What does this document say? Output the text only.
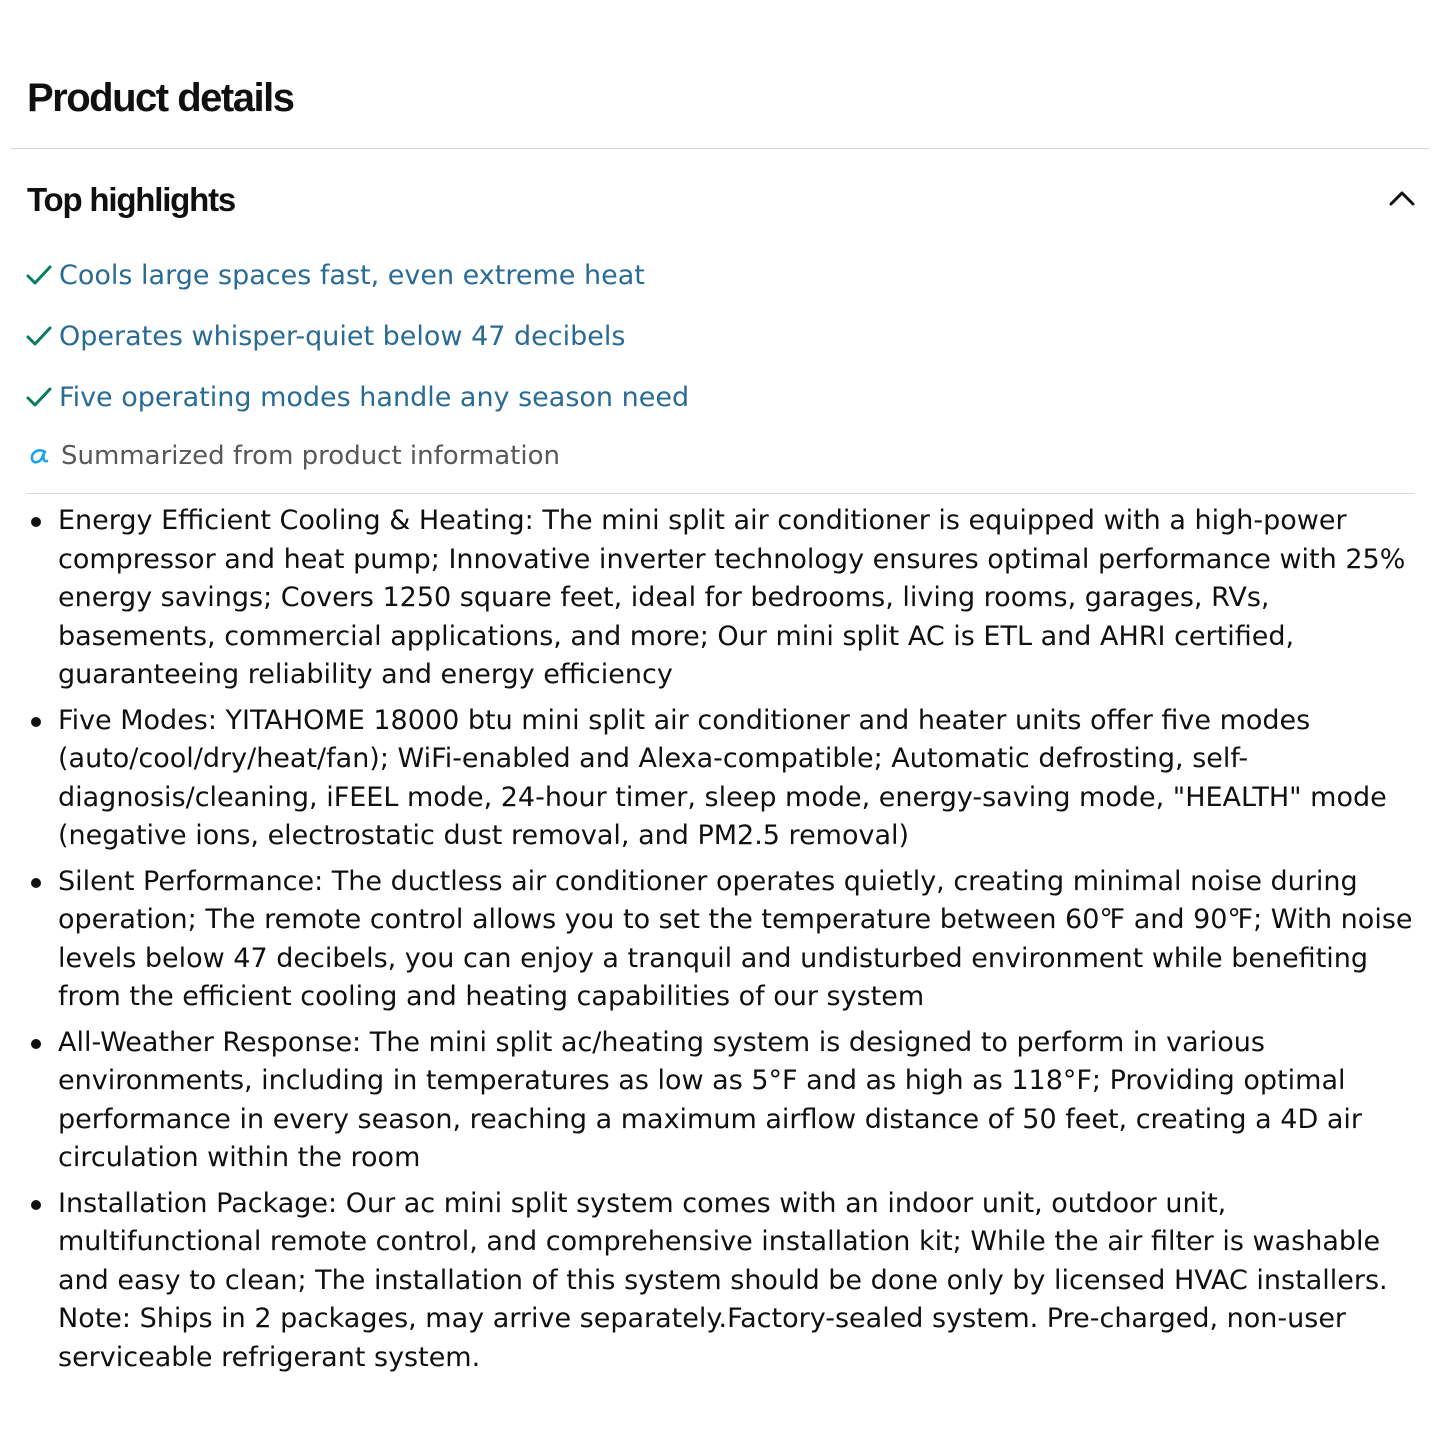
Product details
Top highlights
Cools large spaces fast, even extreme heat
Operates whisper-quiet below 47 decibels
Five operating modes handle any season need
Summarized from product information
Energy Efficient Cooling & Heating: The mini split air conditioner is equipped with a high-power compressor and heat pump; Innovative inverter technology ensures optimal performance with 25% energy savings; Covers 1250 square feet, ideal for bedrooms, living rooms, garages, RVs, basements, commercial applications, and more; Our mini split AC is ETL and AHRI certified, guaranteeing reliability and energy efficiency
Five Modes: YITAHOME 18000 btu mini split air conditioner and heater units offer five modes (auto/cool/dry/heat/fan); WiFi-enabled and Alexa-compatible; Automatic defrosting, self-diagnosis/cleaning, iFEEL mode, 24-hour timer, sleep mode, energy-saving mode, "HEALTH" mode (negative ions, electrostatic dust removal, and PM2.5 removal)
Silent Performance: The ductless air conditioner operates quietly, creating minimal noise during operation; The remote control allows you to set the temperature between 60℉ and 90℉; With noise levels below 47 decibels, you can enjoy a tranquil and undisturbed environment while benefiting from the efficient cooling and heating capabilities of our system
All-Weather Response: The mini split ac/heating system is designed to perform in various environments, including in temperatures as low as 5°F and as high as 118°F; Providing optimal performance in every season, reaching a maximum airflow distance of 50 feet, creating a 4D air circulation within the room
Installation Package: Our ac mini split system comes with an indoor unit, outdoor unit, multifunctional remote control, and comprehensive installation kit; While the air filter is washable and easy to clean; The installation of this system should be done only by licensed HVAC installers. Note: Ships in 2 packages, may arrive separately.Factory-sealed system. Pre-charged, non-user serviceable refrigerant system.
